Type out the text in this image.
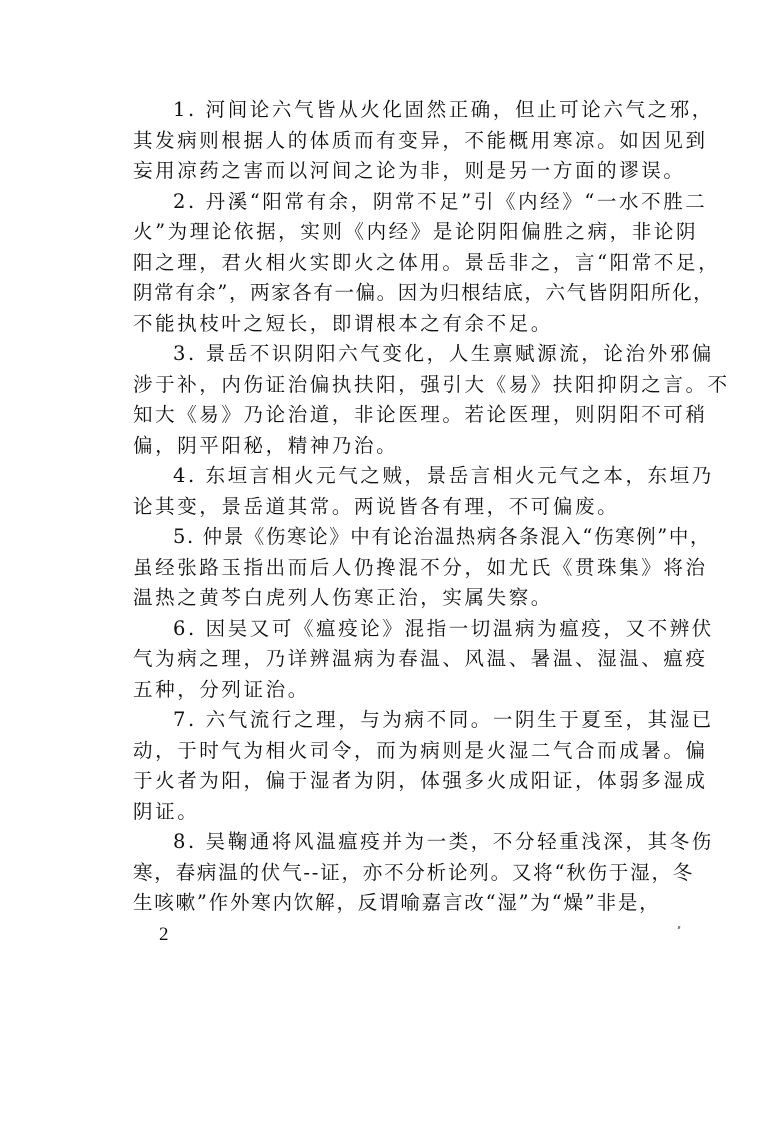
1. 河间论六气皆从火化固然正确，但止可论六气之邪，
其发病则根据人的体质而有变异，不能概用寒凉。如因见到
妄用凉药之害而以河间之论为非，则是另一方面的谬误。
2. 丹溪“阳常有余，阴常不足”引《内经》“一水不胜二
火”为理论依据，实则《内经》是论阴阳偏胜之病，非论阴
阳之理，君火相火实即火之体用。景岳非之，言“阳常不足，
阴常有余”，两家各有一偏。因为归根结底，六气皆阴阳所化，
不能执枝叶之短长，即谓根本之有余不足。
3. 景岳不识阴阳六气变化，人生禀赋源流，论治外邪偏
涉于补，内伤证治偏执扶阳，强引大《易》扶阳抑阴之言。不
知大《易》乃论治道，非论医理。若论医理，则阴阳不可稍
偏，阴平阳秘，精神乃治。
4. 东垣言相火元气之贼，景岳言相火元气之本，东垣乃
论其变，景岳道其常。两说皆各有理，不可偏废。
5. 仲景《伤寒论》中有论治温热病各条混入“伤寒例”中，
虽经张路玉指出而后人仍搀混不分，如尤氏《贯珠集》将治
温热之黄芩白虎列人伤寒正治，实属失察。
6. 因吴又可《瘟疫论》混指一切温病为瘟疫，又不辨伏
气为病之理，乃详辨温病为春温、风温、暑温、湿温、瘟疫
五种，分列证治。
7. 六气流行之理，与为病不同。一阴生于夏至，其湿已
动，于时气为相火司令，而为病则是火湿二气合而成暑。偏
于火者为阳，偏于湿者为阴，体强多火成阳证，体弱多湿成
阴证。
8. 吴鞠通将风温瘟疫并为一类，不分轻重浅深，其冬伤
寒，春病温的伏气--证，亦不分析论列。又将“秋伤于湿，冬
生咳嗽”作外寒内饮解，反谓喻嘉言改“湿”为“燥”非是，
2
